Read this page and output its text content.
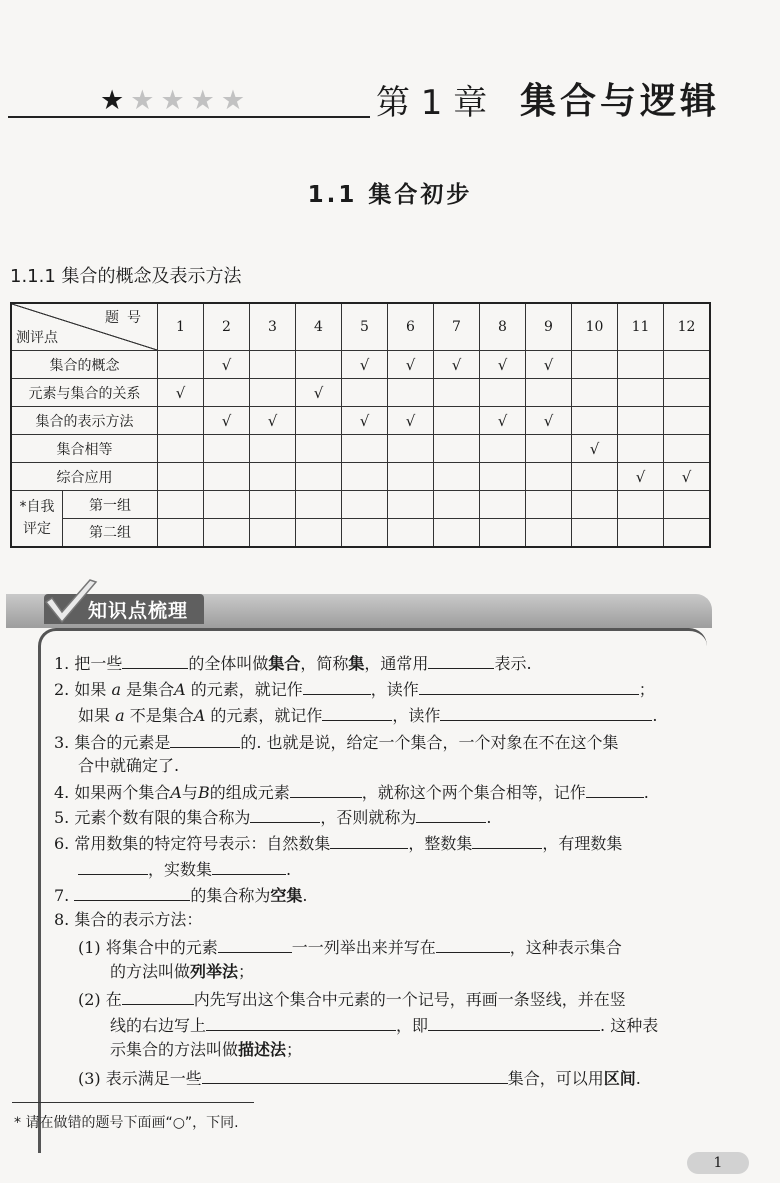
★★★★★	第 1 章 集合与逻辑
1.1 集合初步
1.1.1 集合的概念及表示方法
题号
测评点		1	2	3	4	5	6	7	8	9	10	11	12
集合的概念			√			√	√	√	√	√			
元素与集合的关系		√			√								
集合的表示方法			√	√		√	√		√	√			
集合相等											√		
综合应用												√	√

*自我
评定	第一组												
	第二组												
知识点梳理
1. 把一些	的全体叫做集合，简称集，通常用	表示.
2. 如果 a 是集合A 的元素，就记作	，读作	；
如果 a 不是集合A 的元素，就记作	，读作	.
3. 集合的元素是	的. 也就是说，给定一个集合，一个对象在不在这个集
合中就确定了.
4. 如果两个集合A与B的组成元素	，就称这个两个集合相等，记作	.
5. 元素个数有限的集合称为	，否则就称为	.
6. 常用数集的特定符号表示：自然数集	，整数集	，有理数集
，实数集	.
7.	的集合称为空集.
8. 集合的表示方法：
(1) 将集合中的元素	一一列举出来并写在	，这种表示集合
的方法叫做列举法；
(2) 在	内先写出这个集合中元素的一个记号，再画一条竖线，并在竖
线的右边写上	，即	. 这种表
示集合的方法叫做描述法；
(3) 表示满足一些	集合，可以用区间.
* 请在做错的题号下面画“○”，下同.
1
